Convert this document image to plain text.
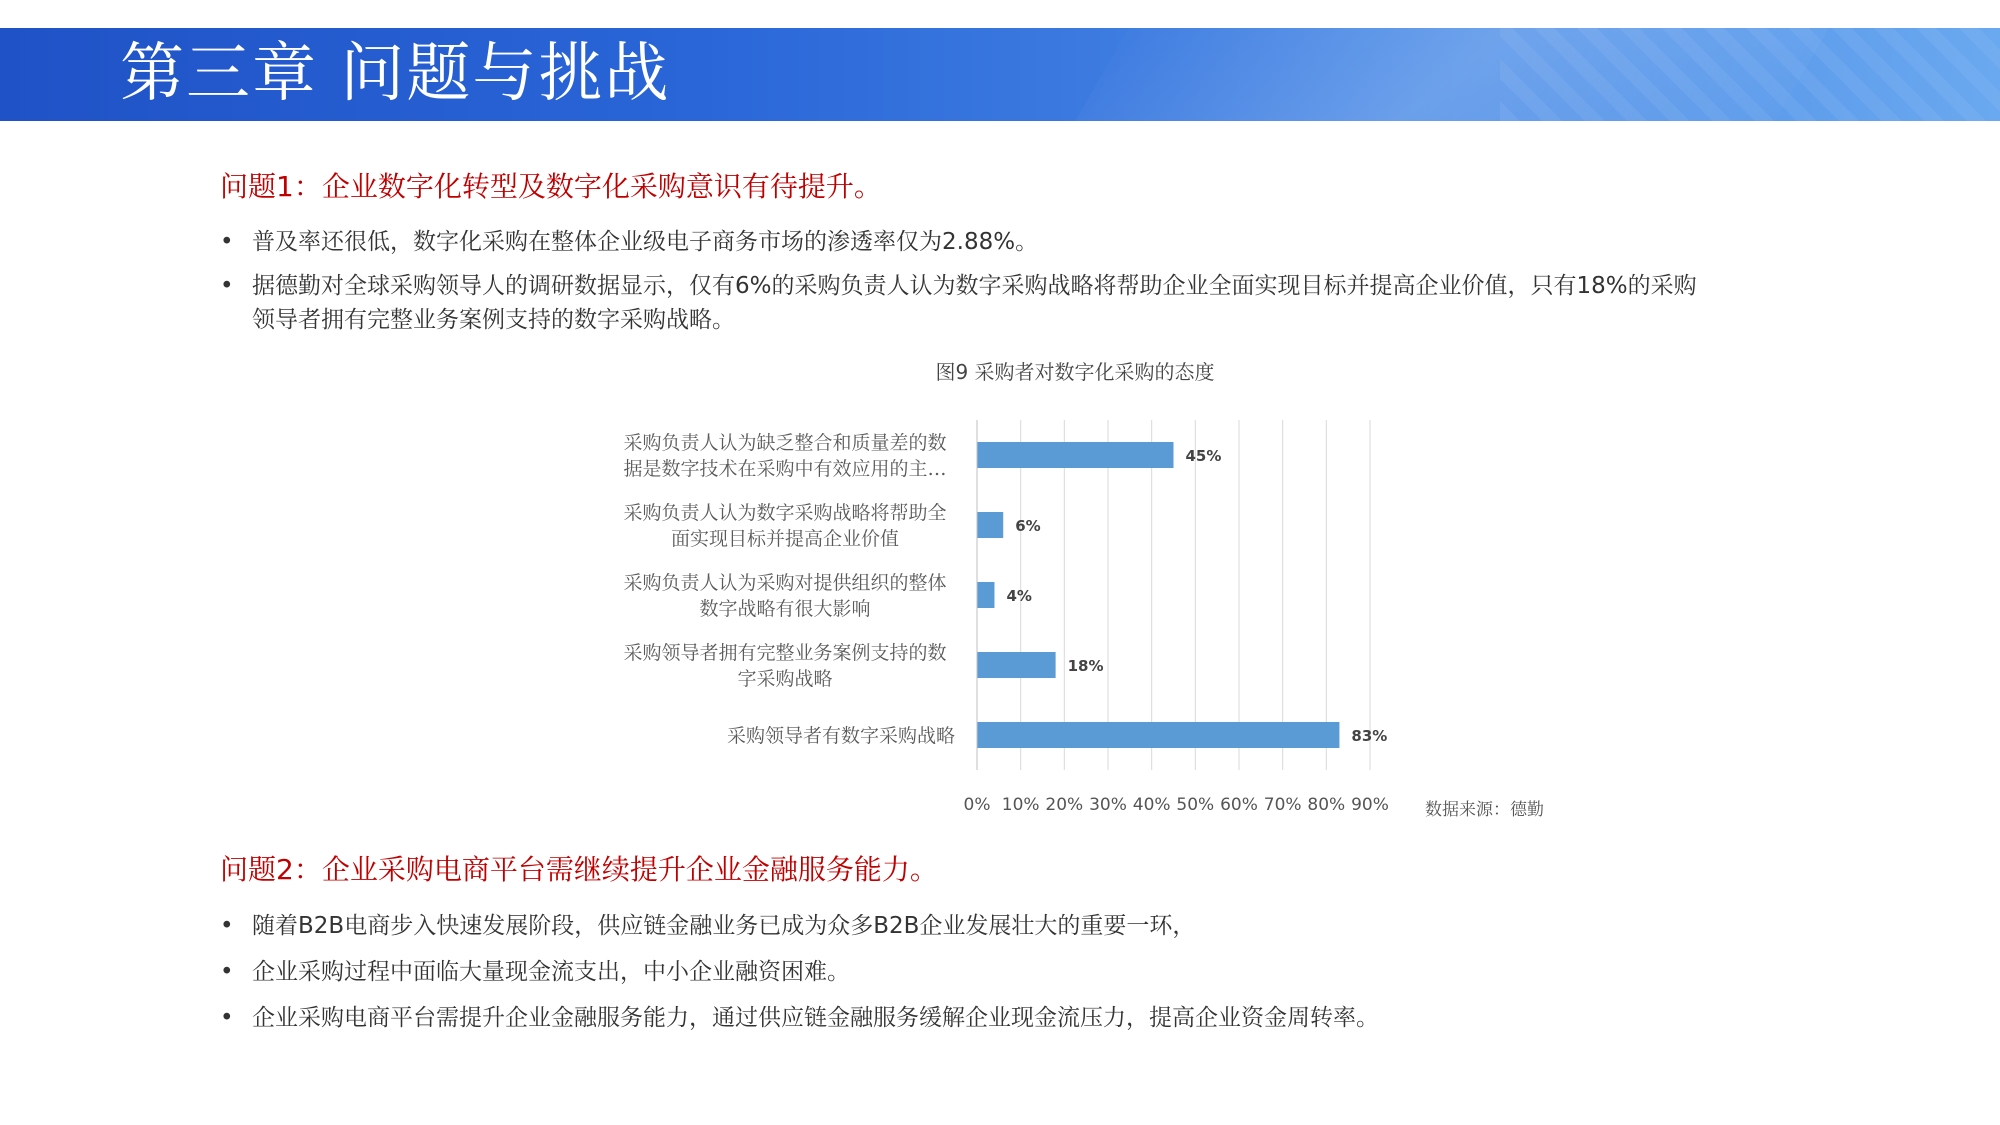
第三章 问题与挑战
问题1：企业数字化转型及数字化采购意识有待提升。
• 普及率还很低，数字化采购在整体企业级电子商务市场的渗透率仅为2.88%。
• 据德勤对全球采购领导人的调研数据显示，仅有6%的采购负责人认为数字采购战略将帮助企业全面实现目标并提高企业价值，只有18%的采购领导者拥有完整业务案例支持的数字采购战略。
图9 采购者对数字化采购的态度
0% 10% 20% 30% 40% 50% 60% 70% 80% 90%
45%
采购负责人认为缺乏整合和质量差的数据是数字技术在采购中有效应用的主…
6%
采购负责人认为数字采购战略将帮助全面实现目标并提高企业价值
4%
采购负责人认为采购对提供组织的整体数字战略有很大影响
18%
采购领导者拥有完整业务案例支持的数字采购战略
83%
采购领导者有数字采购战略
数据来源：德勤
问题2：企业采购电商平台需继续提升企业金融服务能力。
• 随着B2B电商步入快速发展阶段，供应链金融业务已成为众多B2B企业发展壮大的重要一环，
• 企业采购过程中面临大量现金流支出，中小企业融资困难。
• 企业采购电商平台需提升企业金融服务能力，通过供应链金融服务缓解企业现金流压力，提高企业资金周转率。
